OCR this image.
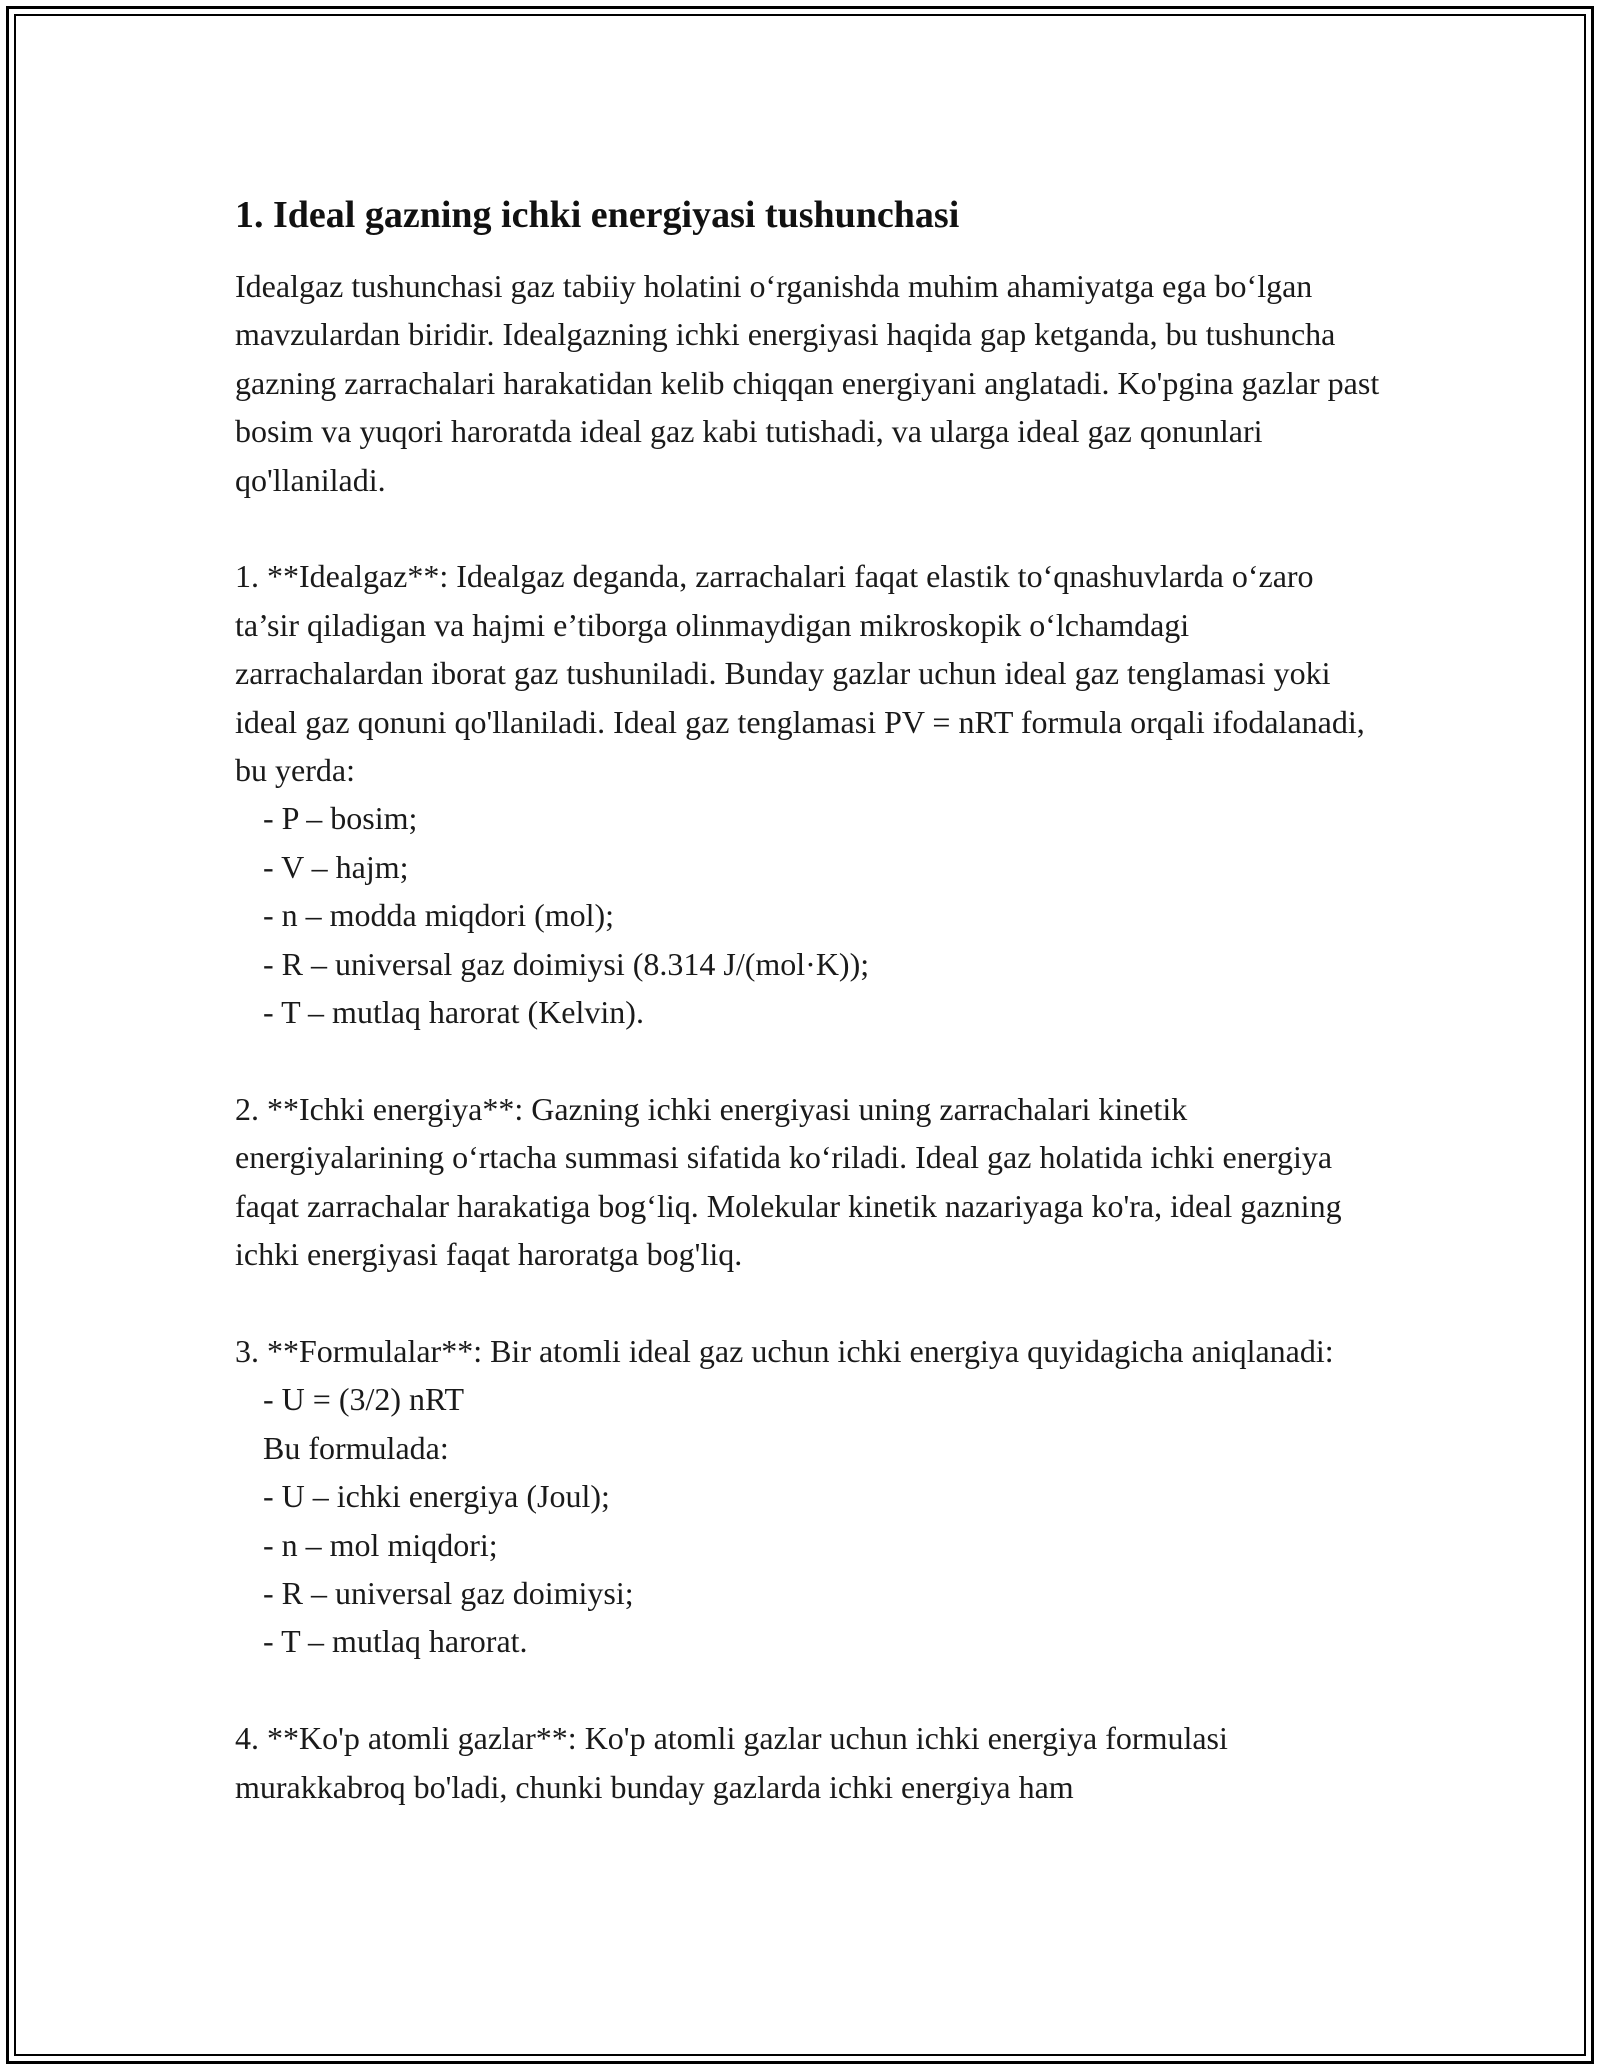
1. Ideal gazning ichki energiyasi tushunchasi

Idealgaz tushunchasi gaz tabiiy holatini o‘rganishda muhim ahamiyatga ega bo‘lgan mavzulardan biridir. Idealgazning ichki energiyasi haqida gap ketganda, bu tushuncha gazning zarrachalari harakatidan kelib chiqqan energiyani anglatadi. Ko'pgina gazlar past bosim va yuqori haroratda ideal gaz kabi tutishadi, va ularga ideal gaz qonunlari qo'llaniladi.

1. **Idealgaz**: Idealgaz deganda, zarrachalari faqat elastik to‘qnashuvlarda o‘zaro ta’sir qiladigan va hajmi e’tiborga olinmaydigan mikroskopik o‘lchamdagi zarrachalardan iborat gaz tushuniladi. Bunday gazlar uchun ideal gaz tenglamasi yoki ideal gaz qonuni qo'llaniladi. Ideal gaz tenglamasi PV = nRT formula orqali ifodalanadi, bu yerda:

- P – bosim;

- V – hajm;

- n – modda miqdori (mol);

- R – universal gaz doimiysi (8.314 J/(mol·K));

- T – mutlaq harorat (Kelvin).

2. **Ichki energiya**: Gazning ichki energiyasi uning zarrachalari kinetik energiyalarining o‘rtacha summasi sifatida ko‘riladi. Ideal gaz holatida ichki energiya faqat zarrachalar harakatiga bog‘liq. Molekular kinetik nazariyaga ko'ra, ideal gazning ichki energiyasi faqat haroratga bog'liq.

3. **Formulalar**: Bir atomli ideal gaz uchun ichki energiya quyidagicha aniqlanadi:

- U = (3/2) nRT

Bu formulada:

- U – ichki energiya (Joul);

- n – mol miqdori;

- R – universal gaz doimiysi;

- T – mutlaq harorat.

4. **Ko'p atomli gazlar**: Ko'p atomli gazlar uchun ichki energiya formulasi murakkabroq bo'ladi, chunki bunday gazlarda ichki energiya ham
